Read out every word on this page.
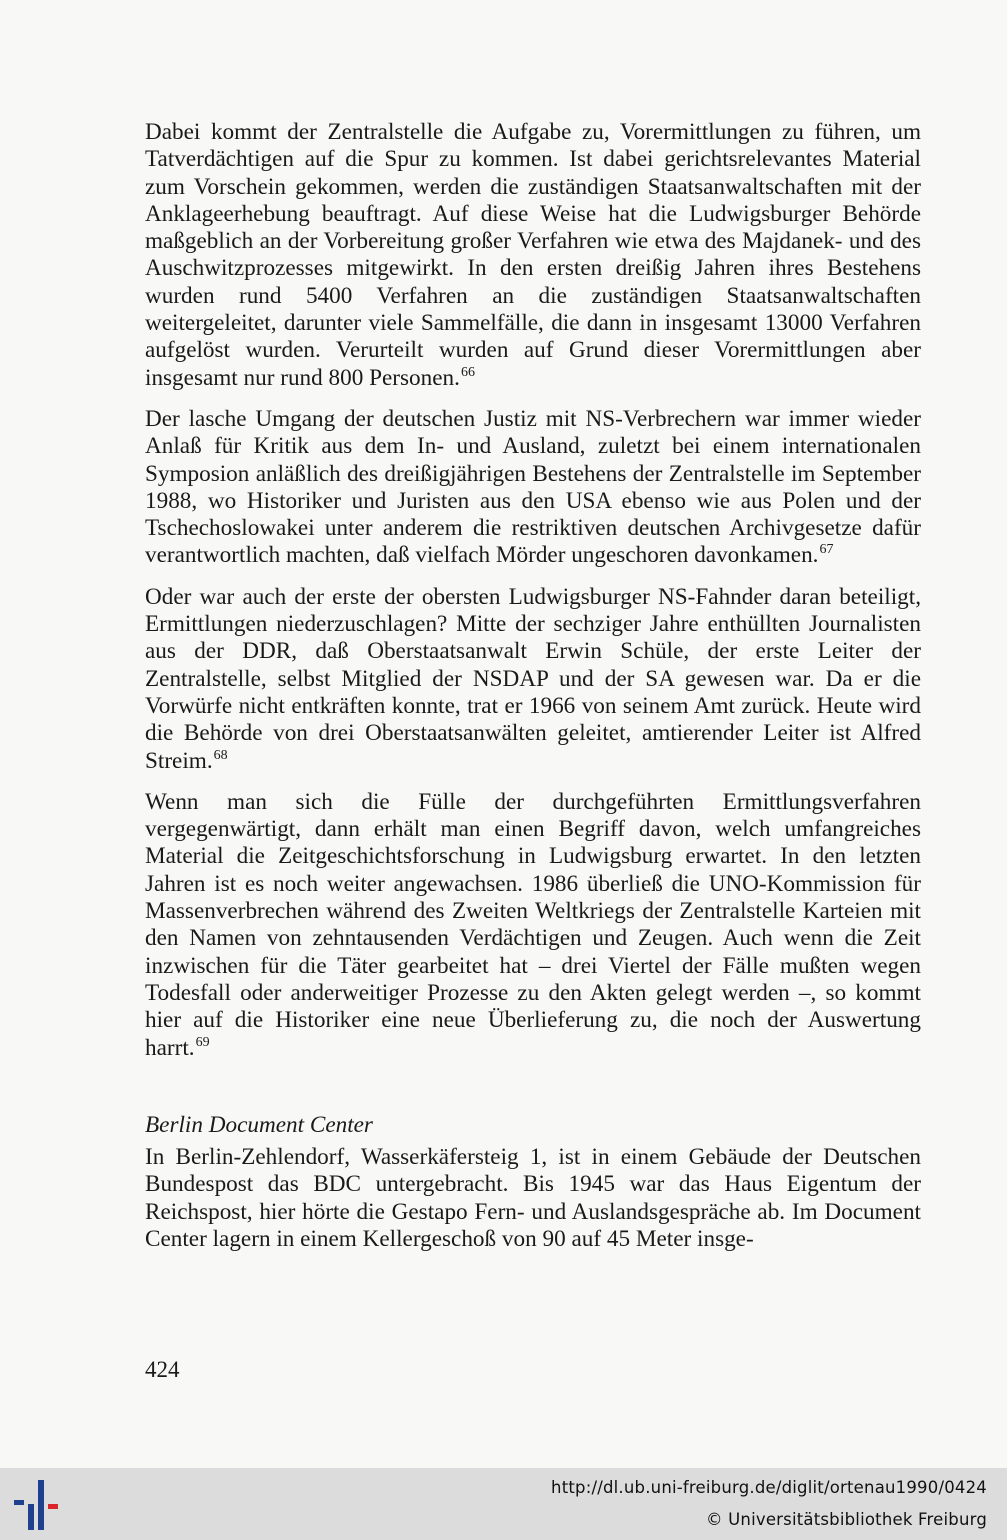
Dabei kommt der Zentralstelle die Aufgabe zu, Vorermittlungen zu führen, um Tatverdächtigen auf die Spur zu kommen. Ist dabei gerichtsrelevantes Material zum Vorschein gekommen, werden die zuständigen Staatsanwaltschaften mit der Anklageerhebung beauftragt. Auf diese Weise hat die Ludwigsburger Behörde maßgeblich an der Vorbereitung großer Verfahren wie etwa des Majdanek- und des Auschwitzprozesses mitgewirkt. In den ersten dreißig Jahren ihres Bestehens wurden rund 5400 Verfahren an die zuständigen Staatsanwaltschaften weitergeleitet, darunter viele Sammelfälle, die dann in insgesamt 13000 Verfahren aufgelöst wurden. Verurteilt wurden auf Grund dieser Vorermittlungen aber insgesamt nur rund 800 Personen.$^{66}$

Der lasche Umgang der deutschen Justiz mit NS-Verbrechern war immer wieder Anlaß für Kritik aus dem In- und Ausland, zuletzt bei einem internationalen Symposion anläßlich des dreißigjährigen Bestehens der Zentralstelle im September 1988, wo Historiker und Juristen aus den USA ebenso wie aus Polen und der Tschechoslowakei unter anderem die restriktiven deutschen Archivgesetze dafür verantwortlich machten, daß vielfach Mörder ungeschoren davonkamen.$^{67}$

Oder war auch der erste der obersten Ludwigsburger NS-Fahnder daran beteiligt, Ermittlungen niederzuschlagen? Mitte der sechziger Jahre enthüllten Journalisten aus der DDR, daß Oberstaatsanwalt Erwin Schüle, der erste Leiter der Zentralstelle, selbst Mitglied der NSDAP und der SA gewesen war. Da er die Vorwürfe nicht entkräften konnte, trat er 1966 von seinem Amt zurück. Heute wird die Behörde von drei Oberstaatsanwälten geleitet, amtierender Leiter ist Alfred Streim.$^{68}$

Wenn man sich die Fülle der durchgeführten Ermittlungsverfahren vergegenwärtigt, dann erhält man einen Begriff davon, welch umfangreiches Material die Zeitgeschichtsforschung in Ludwigsburg erwartet. In den letzten Jahren ist es noch weiter angewachsen. 1986 überließ die UNO-Kommission für Massenverbrechen während des Zweiten Weltkriegs der Zentralstelle Karteien mit den Namen von zehntausenden Verdächtigen und Zeugen. Auch wenn die Zeit inzwischen für die Täter gearbeitet hat – drei Viertel der Fälle mußten wegen Todesfall oder anderweitiger Prozesse zu den Akten gelegt werden –, so kommt hier auf die Historiker eine neue Überlieferung zu, die noch der Auswertung harrt.$^{69}$

Berlin Document Center

In Berlin-Zehlendorf, Wasserkäfersteig 1, ist in einem Gebäude der Deutschen Bundespost das BDC untergebracht. Bis 1945 war das Haus Eigentum der Reichspost, hier hörte die Gestapo Fern- und Auslandsgespräche ab. Im Document Center lagern in einem Kellergeschoß von 90 auf 45 Meter insge-

424
http://dl.ub.uni-freiburg.de/diglit/ortenau1990/0424
© Universitätsbibliothek Freiburg
